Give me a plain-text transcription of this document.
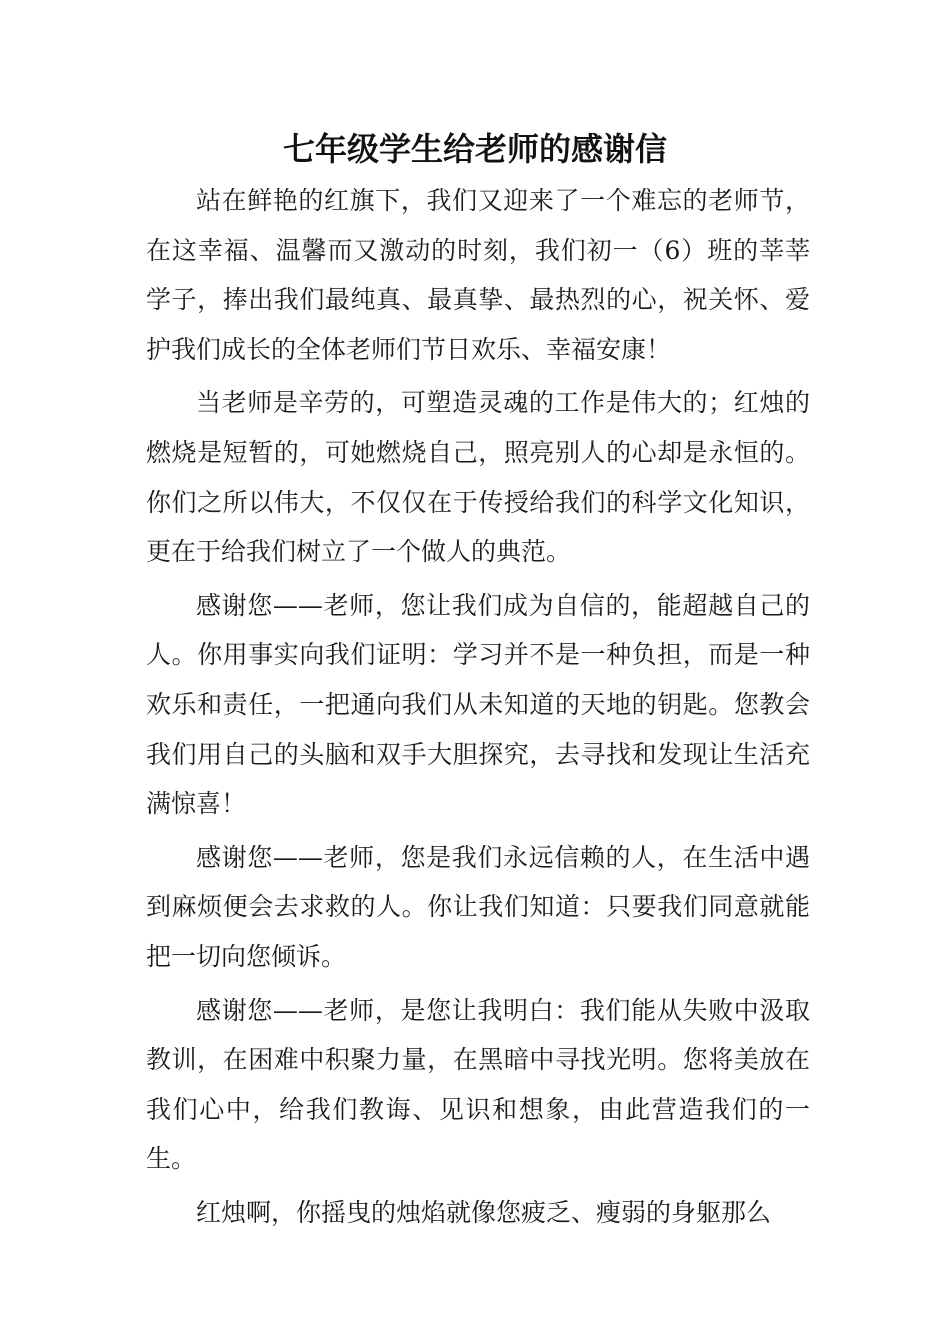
七年级学生给老师的感谢信

站在鲜艳的红旗下，我们又迎来了一个难忘的老师节，在这幸福、温馨而又激动的时刻，我们初一（6）班的莘莘学子，捧出我们最纯真、最真挚、最热烈的心，祝关怀、爱护我们成长的全体老师们节日欢乐、幸福安康！

当老师是辛劳的，可塑造灵魂的工作是伟大的；红烛的燃烧是短暂的，可她燃烧自己，照亮别人的心却是永恒的。你们之所以伟大，不仅仅在于传授给我们的科学文化知识，更在于给我们树立了一个做人的典范。

感谢您——老师，您让我们成为自信的，能超越自己的人。你用事实向我们证明：学习并不是一种负担，而是一种欢乐和责任，一把通向我们从未知道的天地的钥匙。您教会我们用自己的头脑和双手大胆探究，去寻找和发现让生活充满惊喜！

感谢您——老师，您是我们永远信赖的人，在生活中遇到麻烦便会去求救的人。你让我们知道：只要我们同意就能把一切向您倾诉。

感谢您——老师，是您让我明白：我们能从失败中汲取教训，在困难中积聚力量，在黑暗中寻找光明。您将美放在我们心中，给我们教诲、见识和想象，由此营造我们的一生。

红烛啊，你摇曳的烛焰就像您疲乏、瘦弱的身躯那么
